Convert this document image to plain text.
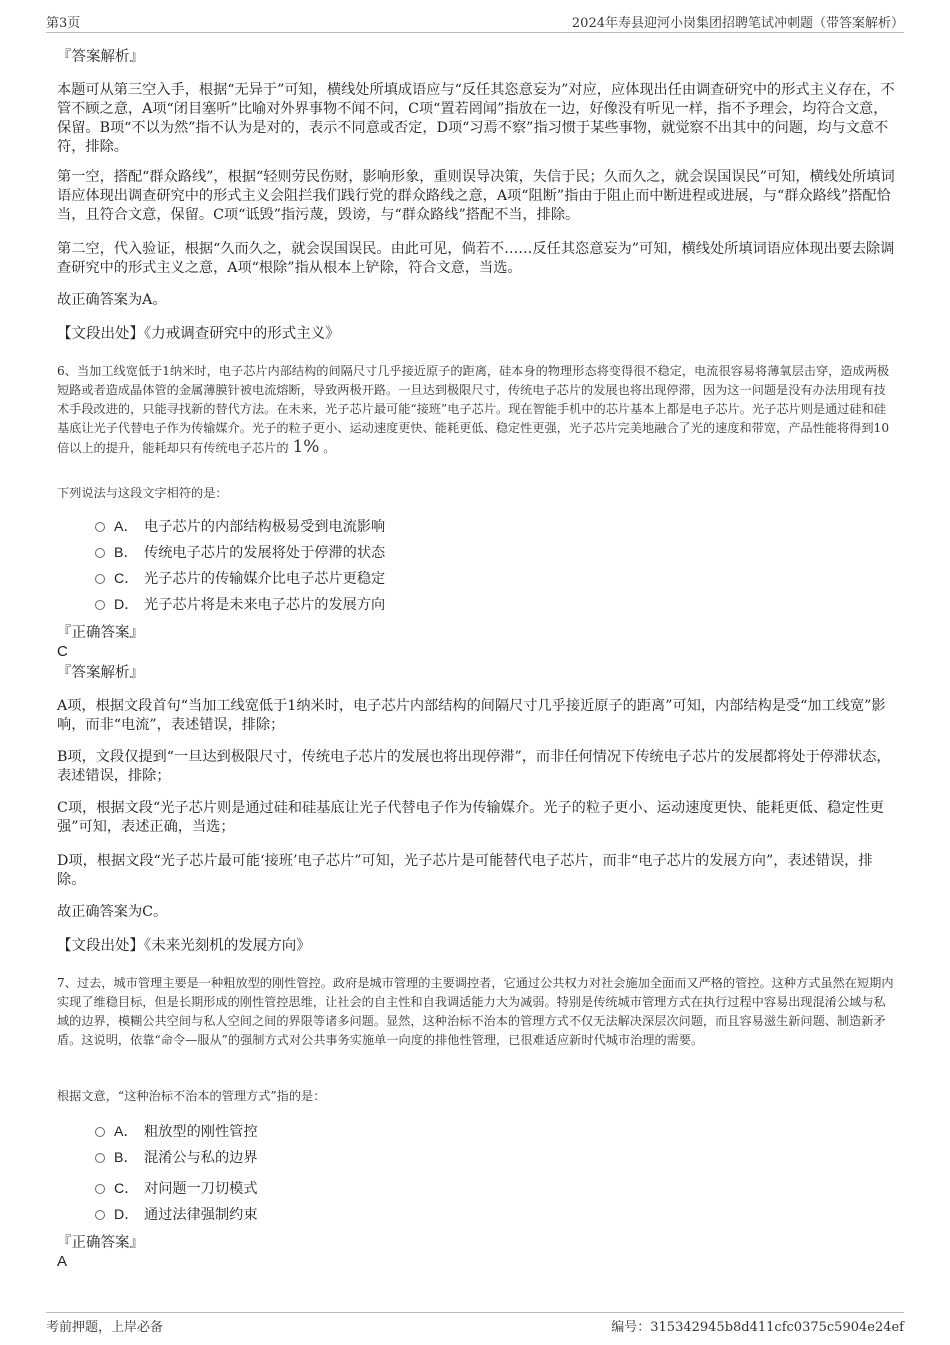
第3页	2024年寿县迎河小岗集团招聘笔试冲刺题（带答案解析）

『答案解析』

本题可从第三空入手，根据“无异于”可知，横线处所填成语应与“反任其恣意妄为”对应，应体现出任由调查研究中的形式主义存在，不管不顾之意，A项“闭目塞听”比喻对外界事物不闻不问，C项“置若罔闻”指放在一边，好像没有听见一样，指不予理会，均符合文意，保留。B项“不以为然”指不认为是对的，表示不同意或否定，D项“习焉不察”指习惯于某些事物，就觉察不出其中的问题，均与文意不符，排除。

第一空，搭配“群众路线”，根据“轻则劳民伤财，影响形象，重则误导决策，失信于民；久而久之，就会误国误民”可知，横线处所填词语应体现出调查研究中的形式主义会阻拦我们践行党的群众路线之意，A项“阻断”指由于阻止而中断进程或进展，与“群众路线”搭配恰当，且符合文意，保留。C项“诋毁”指污蔑，毁谤，与“群众路线”搭配不当，排除。

第二空，代入验证，根据“久而久之，就会误国误民。由此可见，倘若不……反任其恣意妄为”可知，横线处所填词语应体现出要去除调查研究中的形式主义之意，A项“根除”指从根本上铲除，符合文意，当选。

故正确答案为A。

【文段出处】《力戒调查研究中的形式主义》

6、当加工线宽低于1纳米时，电子芯片内部结构的间隔尺寸几乎接近原子的距离，硅本身的物理形态将变得很不稳定，电流很容易将薄氧层击穿，造成两极短路或者造成晶体管的金属薄膜针被电流熔断，导致两极开路。一旦达到极限尺寸，传统电子芯片的发展也将出现停滞，因为这一问题是没有办法用现有技术手段改进的，只能寻找新的替代方法。在未来，光子芯片最可能“接班”电子芯片。现在智能手机中的芯片基本上都是电子芯片。光子芯片则是通过硅和硅基底让光子代替电子作为传输媒介。光子的粒子更小、运动速度更快、能耗更低、稳定性更强，光子芯片完美地融合了光的速度和带宽，产品性能将得到10倍以上的提升，能耗却只有传统电子芯片的 1% 。

下列说法与这段文字相符的是：

A． 电子芯片的内部结构极易受到电流影响
B． 传统电子芯片的发展将处于停滞的状态
C． 光子芯片的传输媒介比电子芯片更稳定
D． 光子芯片将是未来电子芯片的发展方向

『正确答案』

C

『答案解析』

A项，根据文段首句“当加工线宽低于1纳米时，电子芯片内部结构的间隔尺寸几乎接近原子的距离”可知，内部结构是受“加工线宽”影响，而非“电流”，表述错误，排除；

B项，文段仅提到“一旦达到极限尺寸，传统电子芯片的发展也将出现停滞”，而非任何情况下传统电子芯片的发展都将处于停滞状态，表述错误，排除；

C项，根据文段“光子芯片则是通过硅和硅基底让光子代替电子作为传输媒介。光子的粒子更小、运动速度更快、能耗更低、稳定性更强”可知，表述正确，当选；

D项，根据文段“光子芯片最可能‘接班’电子芯片”可知，光子芯片是可能替代电子芯片，而非“电子芯片的发展方向”，表述错误，排除。

故正确答案为C。

【文段出处】《未来光刻机的发展方向》

7、过去，城市管理主要是一种粗放型的刚性管控。政府是城市管理的主要调控者，它通过公共权力对社会施加全面而又严格的管控。这种方式虽然在短期内实现了维稳目标，但是长期形成的刚性管控思维，让社会的自主性和自我调适能力大为减弱。特别是传统城市管理方式在执行过程中容易出现混淆公域与私域的边界，模糊公共空间与私人空间之间的界限等诸多问题。显然，这种治标不治本的管理方式不仅无法解决深层次问题，而且容易滋生新问题、制造新矛盾。这说明，依靠“命令—服从”的强制方式对公共事务实施单一向度的排他性管理，已很难适应新时代城市治理的需要。

根据文意，“这种治标不治本的管理方式”指的是：

A． 粗放型的刚性管控
B． 混淆公与私的边界
C． 对问题一刀切模式
D． 通过法律强制约束

『正确答案』

A

考前押题，上岸必备	编号：315342945b8d411cfc0375c5904e24ef
